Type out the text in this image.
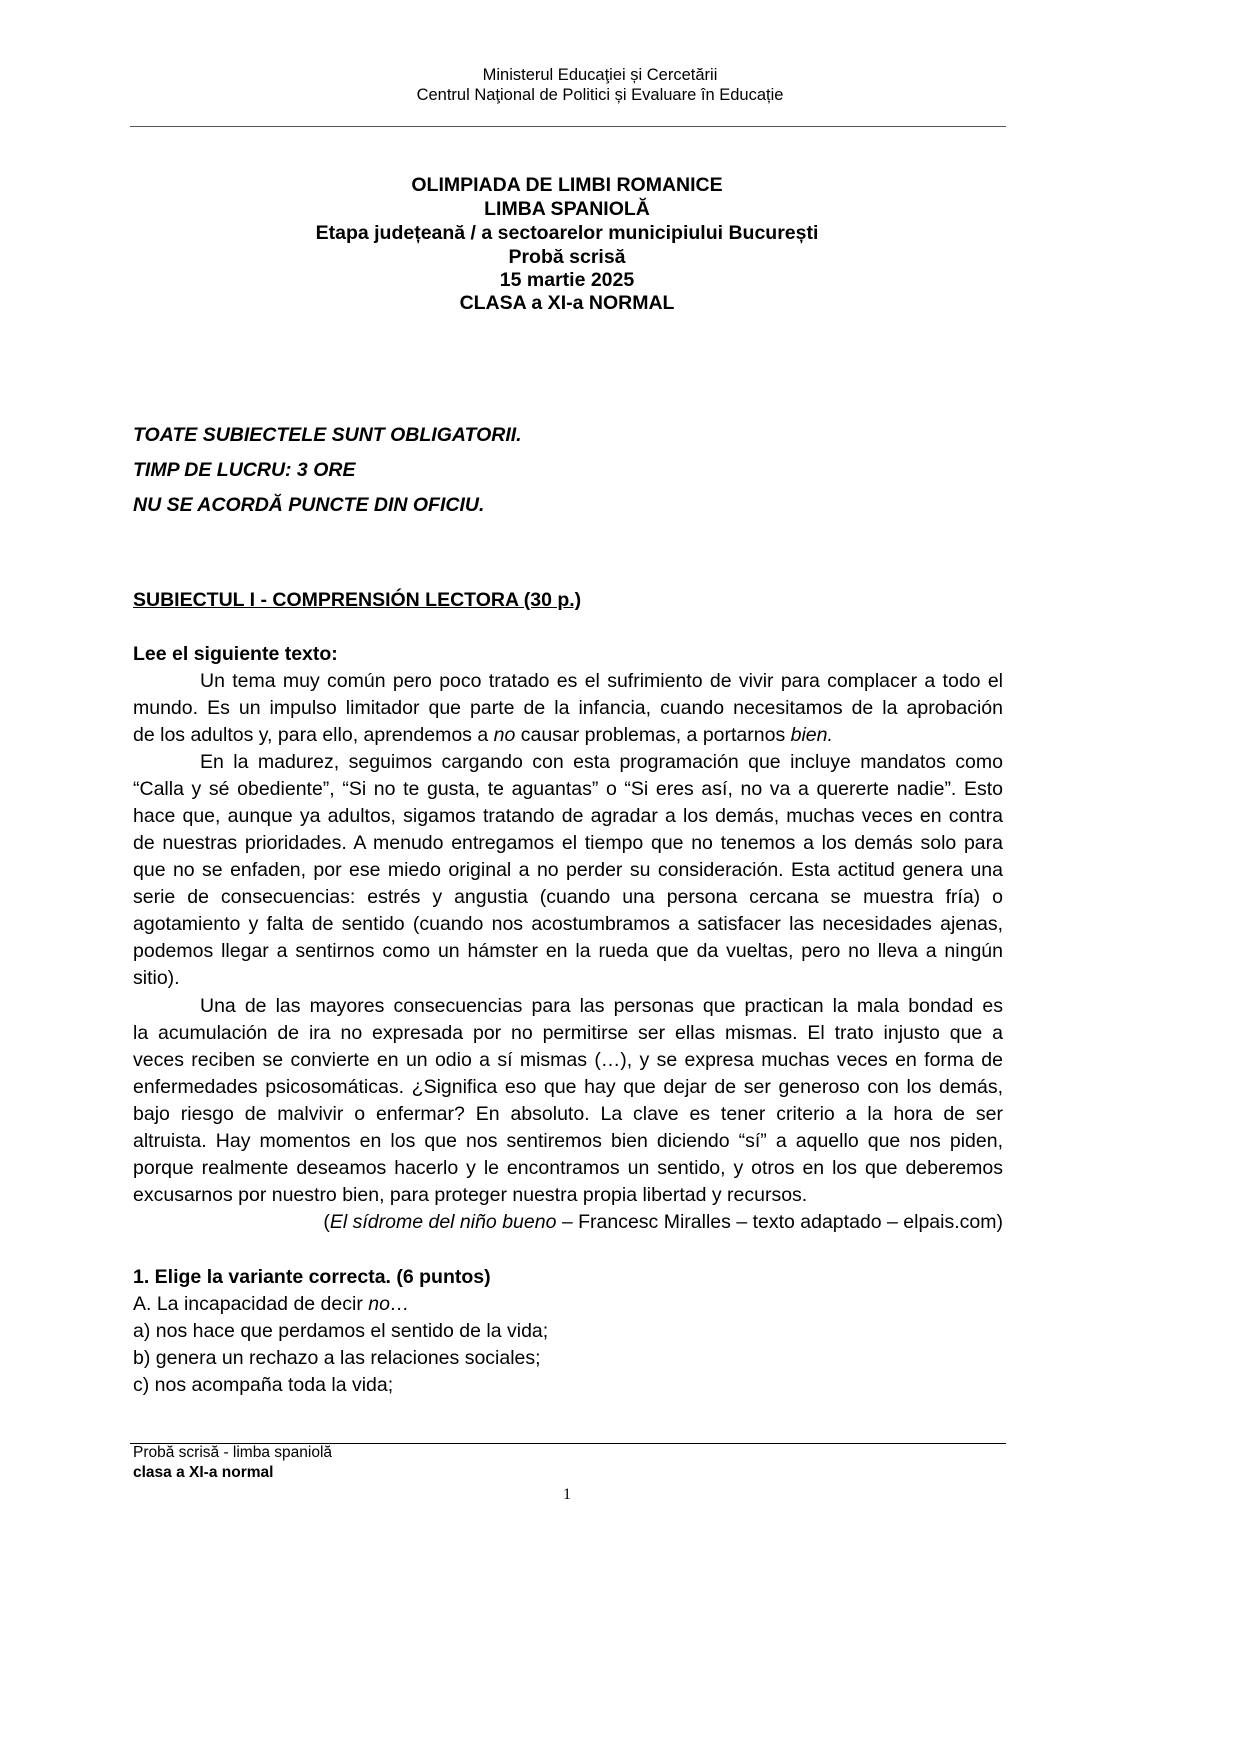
Ministerul Educaţiei și Cercetării
Centrul Naţional de Politici și Evaluare în Educație
OLIMPIADA DE LIMBI ROMANICE
LIMBA SPANIOLĂ
Etapa județeană / a sectoarelor municipiului București
Probă scrisă
15 martie 2025
CLASA a XI-a NORMAL
TOATE SUBIECTELE SUNT OBLIGATORII.
TIMP DE LUCRU: 3 ORE
NU SE ACORDĂ PUNCTE DIN OFICIU.
SUBIECTUL I - COMPRENSIÓN LECTORA (30 p.)
Lee el siguiente texto:
Un tema muy común pero poco tratado es el sufrimiento de vivir para complacer a todo el
mundo. Es un impulso limitador que parte de la infancia, cuando necesitamos de la aprobación
de los adultos y, para ello, aprendemos a no causar problemas, a portarnos bien.
En la madurez, seguimos cargando con esta programación que incluye mandatos como
“Calla y sé obediente”, “Si no te gusta, te aguantas” o “Si eres así, no va a quererte nadie”. Esto
hace que, aunque ya adultos, sigamos tratando de agradar a los demás, muchas veces en contra
de nuestras prioridades. A menudo entregamos el tiempo que no tenemos a los demás solo para
que no se enfaden, por ese miedo original a no perder su consideración. Esta actitud genera una
serie de consecuencias: estrés y angustia (cuando una persona cercana se muestra fría) o
agotamiento y falta de sentido (cuando nos acostumbramos a satisfacer las necesidades ajenas,
podemos llegar a sentirnos como un hámster en la rueda que da vueltas, pero no lleva a ningún
sitio).
Una de las mayores consecuencias para las personas que practican la mala bondad es
la acumulación de ira no expresada por no permitirse ser ellas mismas. El trato injusto que a
veces reciben se convierte en un odio a sí mismas (…), y se expresa muchas veces en forma de
enfermedades psicosomáticas. ¿Significa eso que hay que dejar de ser generoso con los demás,
bajo riesgo de malvivir o enfermar? En absoluto. La clave es tener criterio a la hora de ser
altruista. Hay momentos en los que nos sentiremos bien diciendo “sí” a aquello que nos piden,
porque realmente deseamos hacerlo y le encontramos un sentido, y otros en los que deberemos
excusarnos por nuestro bien, para proteger nuestra propia libertad y recursos.
(El sídrome del niño bueno – Francesc Miralles – texto adaptado – elpais.com)
1. Elige la variante correcta. (6 puntos)
A. La incapacidad de decir no…
a) nos hace que perdamos el sentido de la vida;
b) genera un rechazo a las relaciones sociales;
c) nos acompaña toda la vida;
Probă scrisă - limba spaniolă
clasa a XI-a normal
1
